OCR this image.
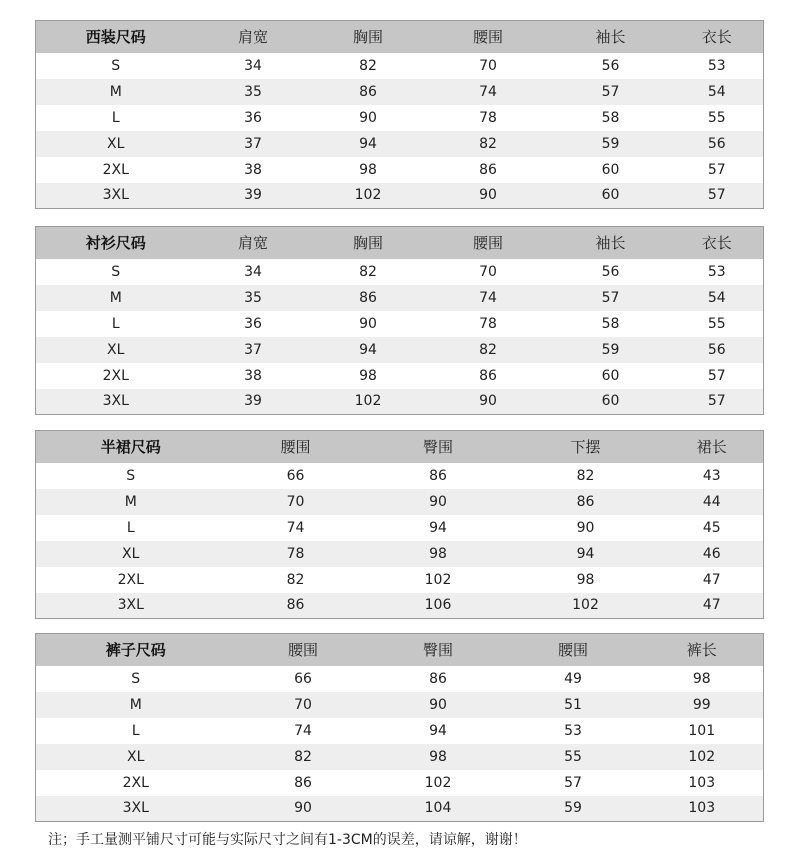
西装尺码	肩宽	胸围	腰围	袖长	衣长
S	34	82	70	56	53
M	35	86	74	57	54
L	36	90	78	58	55
XL	37	94	82	59	56
2XL	38	98	86	60	57
3XL	39	102	90	60	57
衬衫尺码	肩宽	胸围	腰围	袖长	衣长
S	34	82	70	56	53
M	35	86	74	57	54
L	36	90	78	58	55
XL	37	94	82	59	56
2XL	38	98	86	60	57
3XL	39	102	90	60	57
半裙尺码	腰围	臀围	下摆	裙长
S	66	86	82	43
M	70	90	86	44
L	74	94	90	45
XL	78	98	94	46
2XL	82	102	98	47
3XL	86	106	102	47
裤子尺码	腰围	臀围	腰围	裤长
S	66	86	49	98
M	70	90	51	99
L	74	94	53	101
XL	82	98	55	102
2XL	86	102	57	103
3XL	90	104	59	103
注；手工量测平铺尺寸可能与实际尺寸之间有1-3CM的误差，请谅解，谢谢！
